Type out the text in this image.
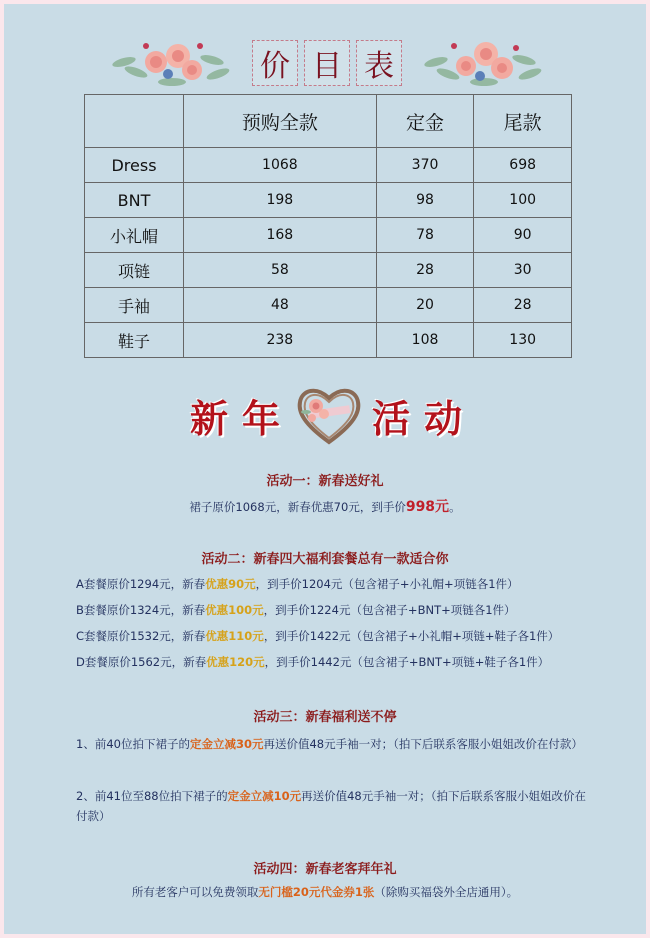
价 目 表
	预购全款	定金	尾款
Dress	1068	370	698
BNT	198	98	100
小礼帽	168	78	90
项链	58	28	30
手袖	48	20	28
鞋子	238	108	130
新年 活动
活动一：新春送好礼
裙子原价1068元，新春优惠70元，到手价998元。
活动二：新春四大福利套餐总有一款适合你
A套餐原价1294元，新春优惠90元，到手价1204元（包含裙子+小礼帽+项链各1件）
B套餐原价1324元，新春优惠100元，到手价1224元（包含裙子+BNT+项链各1件）
C套餐原价1532元，新春优惠110元，到手价1422元（包含裙子+小礼帽+项链+鞋子各1件）
D套餐原价1562元，新春优惠120元，到手价1442元（包含裙子+BNT+项链+鞋子各1件）
活动三：新春福利送不停
1、前40位拍下裙子的定金立减30元再送价值48元手袖一对；（拍下后联系客服小姐姐改价在付款）
2、前41位至88位拍下裙子的定金立减10元再送价值48元手袖一对；（拍下后联系客服小姐姐改价在付款）
活动四：新春老客拜年礼
所有老客户可以免费领取无门槛20元代金券1张（除购买福袋外全店通用）。
